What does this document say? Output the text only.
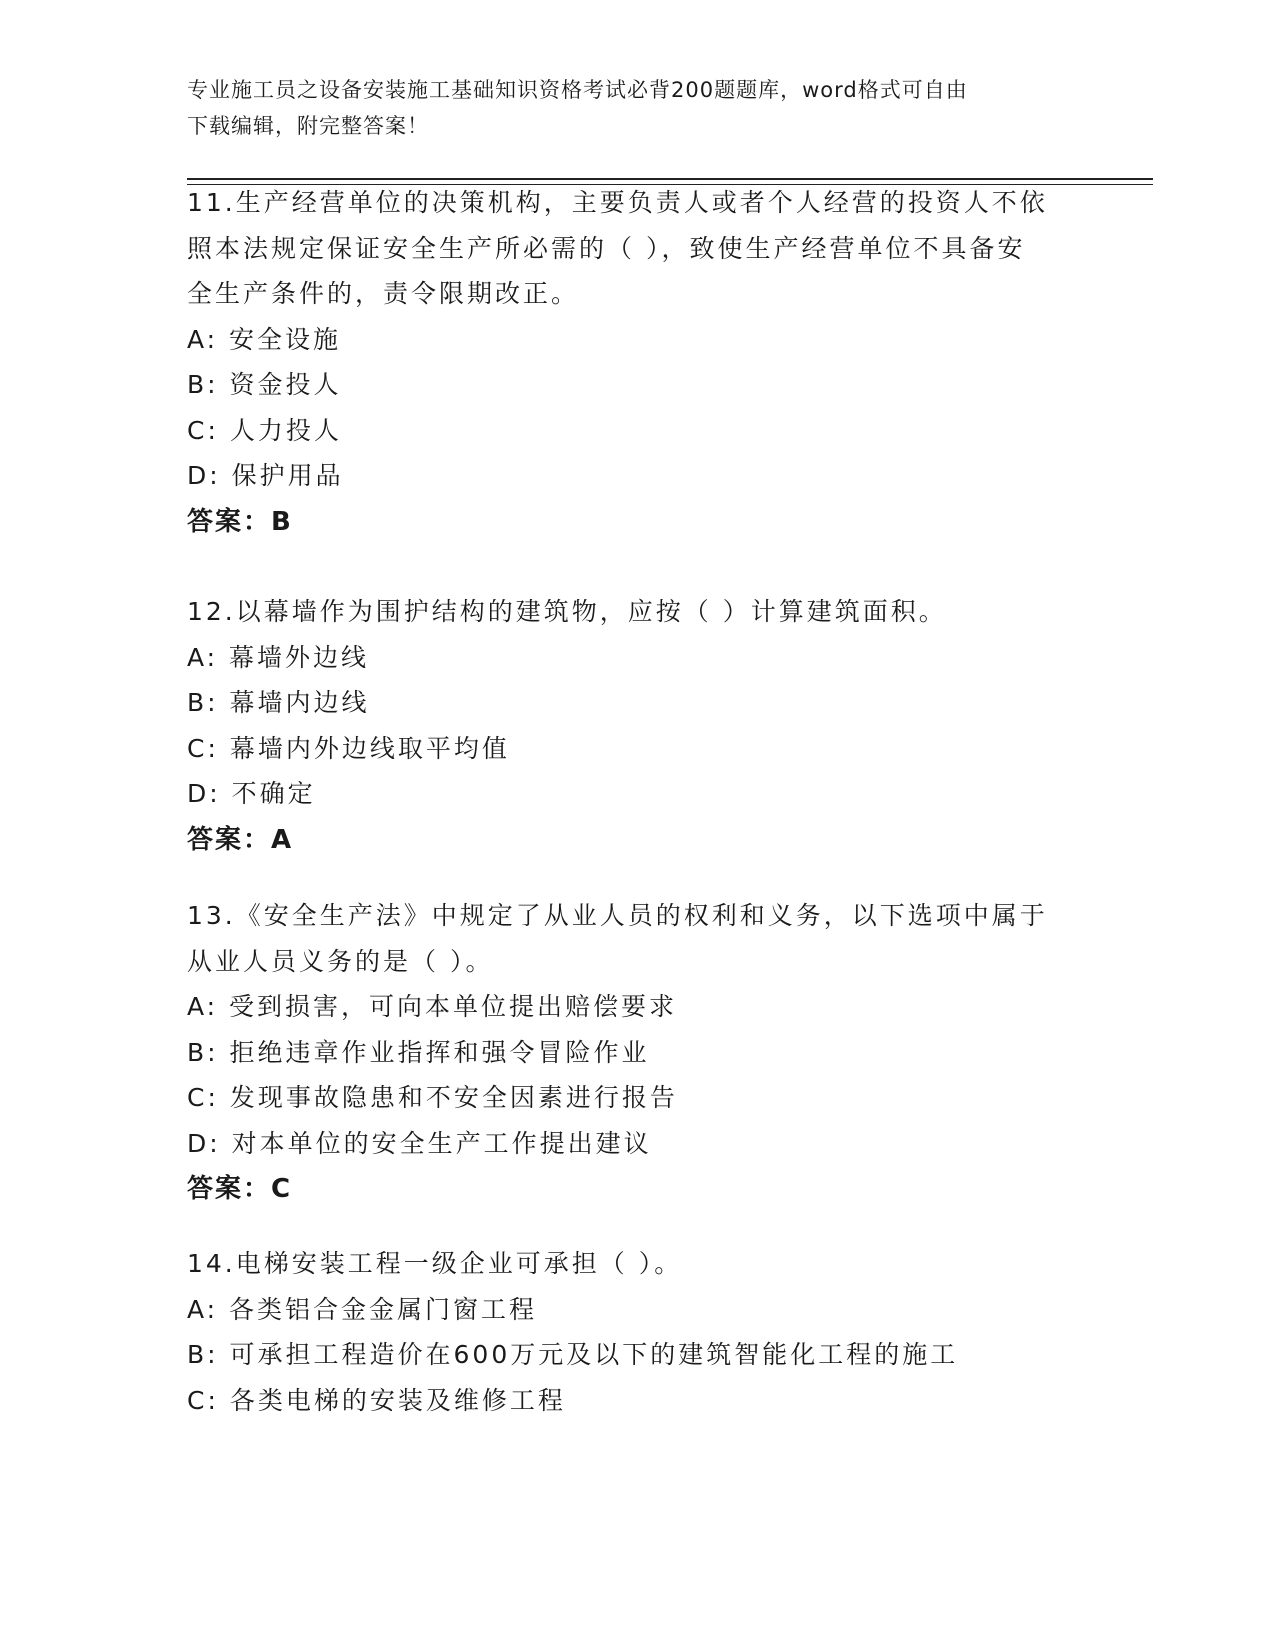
专业施工员之设备安装施工基础知识资格考试必背200题题库，word格式可自由
下载编辑，附完整答案！
11.生产经营单位的决策机构，主要负责人或者个人经营的投资人不依
照本法规定保证安全生产所必需的（ ），致使生产经营单位不具备安
全生产条件的，责令限期改正。
A: 安全设施
B: 资金投人
C: 人力投人
D: 保护用品
答案：B
12.以幕墙作为围护结构的建筑物，应按（ ）计算建筑面积。
A: 幕墙外边线
B: 幕墙内边线
C: 幕墙内外边线取平均值
D: 不确定
答案：A
13.《安全生产法》中规定了从业人员的权利和义务，以下选项中属于
从业人员义务的是（ ）。
A: 受到损害，可向本单位提出赔偿要求
B: 拒绝违章作业指挥和强令冒险作业
C: 发现事故隐患和不安全因素进行报告
D: 对本单位的安全生产工作提出建议
答案：C
14.电梯安装工程一级企业可承担（ ）。
A: 各类铝合金金属门窗工程
B: 可承担工程造价在600万元及以下的建筑智能化工程的施工
C: 各类电梯的安装及维修工程
